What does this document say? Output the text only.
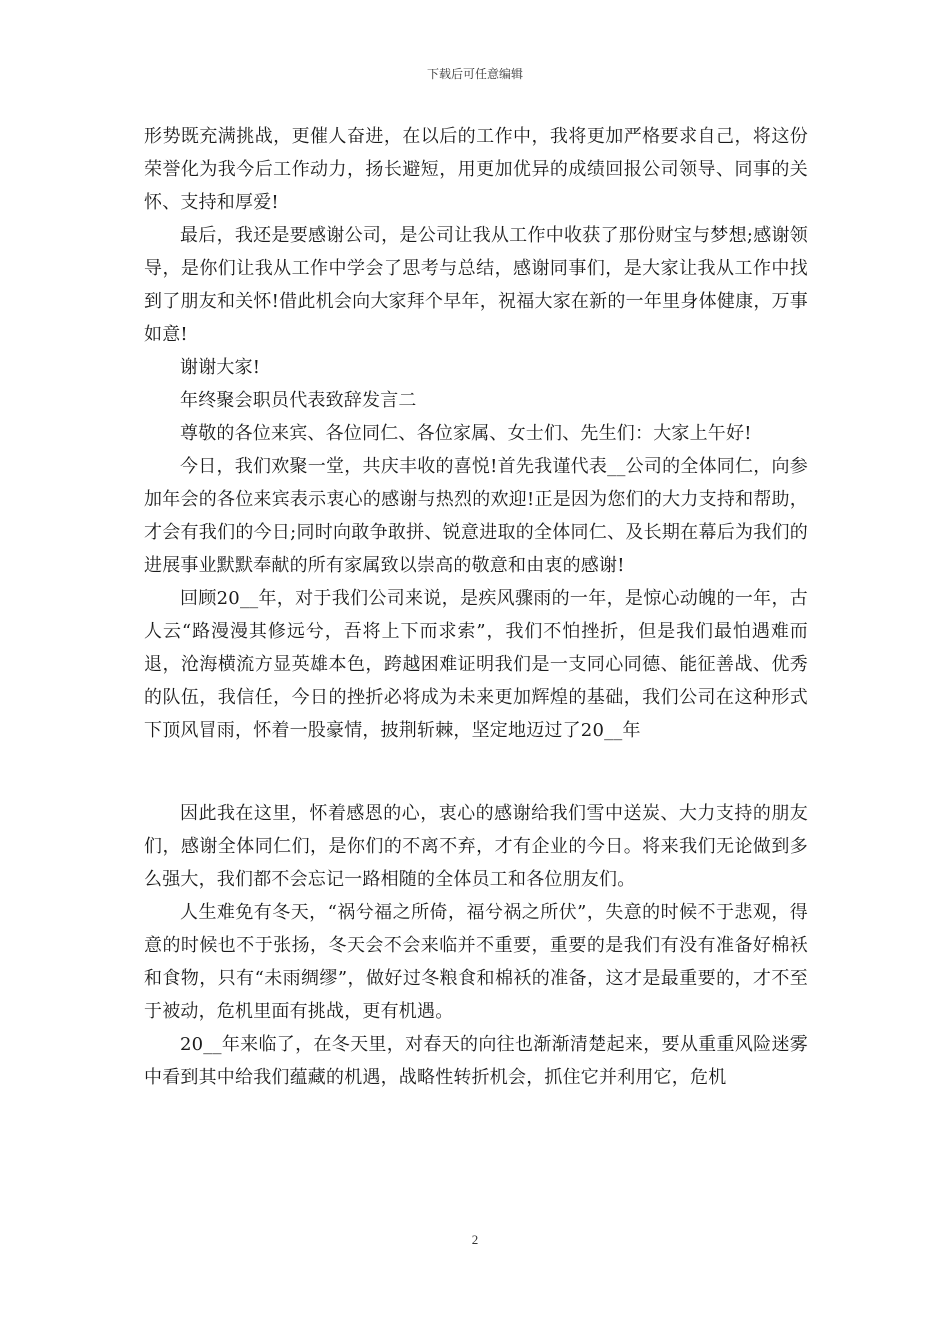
下载后可任意编辑

形势既充满挑战，更催人奋进，在以后的工作中，我将更加严格要求自己，将这份荣誉化为我今后工作动力，扬长避短，用更加优异的成绩回报公司领导、同事的关怀、支持和厚爱!

最后，我还是要感谢公司，是公司让我从工作中收获了那份财宝与梦想;感谢领导，是你们让我从工作中学会了思考与总结，感谢同事们，是大家让我从工作中找到了朋友和关怀!借此机会向大家拜个早年，祝福大家在新的一年里身体健康，万事如意!

谢谢大家!

年终聚会职员代表致辞发言二

尊敬的各位来宾、各位同仁、各位家属、女士们、先生们：大家上午好!

今日，我们欢聚一堂，共庆丰收的喜悦!首先我谨代表__公司的全体同仁，向参加年会的各位来宾表示衷心的感谢与热烈的欢迎!正是因为您们的大力支持和帮助，才会有我们的今日;同时向敢争敢拼、锐意进取的全体同仁、及长期在幕后为我们的进展事业默默奉献的所有家属致以崇高的敬意和由衷的感谢!

回顾20__年，对于我们公司来说，是疾风骤雨的一年，是惊心动魄的一年，古人云“路漫漫其修远兮，吾将上下而求索”，我们不怕挫折，但是我们最怕遇难而退，沧海横流方显英雄本色，跨越困难证明我们是一支同心同德、能征善战、优秀的队伍，我信任，今日的挫折必将成为未来更加辉煌的基础，我们公司在这种形式下顶风冒雨，怀着一股豪情，披荆斩棘，坚定地迈过了20__年

因此我在这里，怀着感恩的心，衷心的感谢给我们雪中送炭、大力支持的朋友们，感谢全体同仁们，是你们的不离不弃，才有企业的今日。将来我们无论做到多么强大，我们都不会忘记一路相随的全体员工和各位朋友们。

人生难免有冬天，“祸兮福之所倚，福兮祸之所伏”，失意的时候不于悲观，得意的时候也不于张扬，冬天会不会来临并不重要，重要的是我们有没有准备好棉袄和食物，只有“未雨绸缪”，做好过冬粮食和棉袄的准备，这才是最重要的，才不至于被动，危机里面有挑战，更有机遇。

20__年来临了，在冬天里，对春天的向往也渐渐清楚起来，要从重重风险迷雾中看到其中给我们蕴藏的机遇，战略性转折机会，抓住它并利用它，危机

2
